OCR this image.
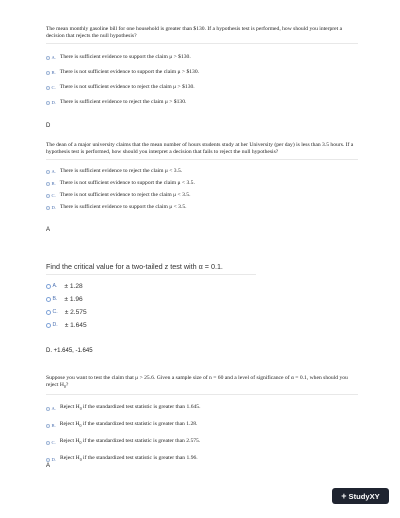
The mean monthly gasoline bill for one household is greater than $130. If a hypothesis test is performed, how should you interpret a decision that rejects the null hypothesis?
A. There is sufficient evidence to support the claim μ > $130.
B. There is not sufficient evidence to support the claim μ > $130.
C. There is not sufficient evidence to reject the claim μ > $130.
D. There is sufficient evidence to reject the claim μ > $130.
D
The dean of a major university claims that the mean number of hours students study at her University (per day) is less than 3.5 hours. If a hypothesis test is performed, how should you interpret a decision that fails to reject the null hypothesis?
A. There is sufficient evidence to reject the claim μ < 3.5.
B. There is not sufficient evidence to support the claim μ < 3.5.
C. There is not sufficient evidence to reject the claim μ < 3.5.
D. There is sufficient evidence to support the claim μ < 3.5.
A
Find the critical value for a two-tailed z test with α = 0.1.
A. ± 1.28
B. ± 1.96
C. ± 2.575
D. ± 1.645
D. +1.645, -1.645
Suppose you want to test the claim that μ > 25.6. Given a sample size of n = 60 and a level of significance of α = 0.1, when should you reject $H_0$?
A. Reject $H_0$ if the standardized test statistic is greater than 1.645.
B. Reject $H_0$ if the standardized test statistic is greater than 1.28.
C. Reject $H_0$ if the standardized test statistic is greater than 2.575.
D. Reject $H_0$ if the standardized test statistic is greater than 1.96.
A
+ StudyXY
